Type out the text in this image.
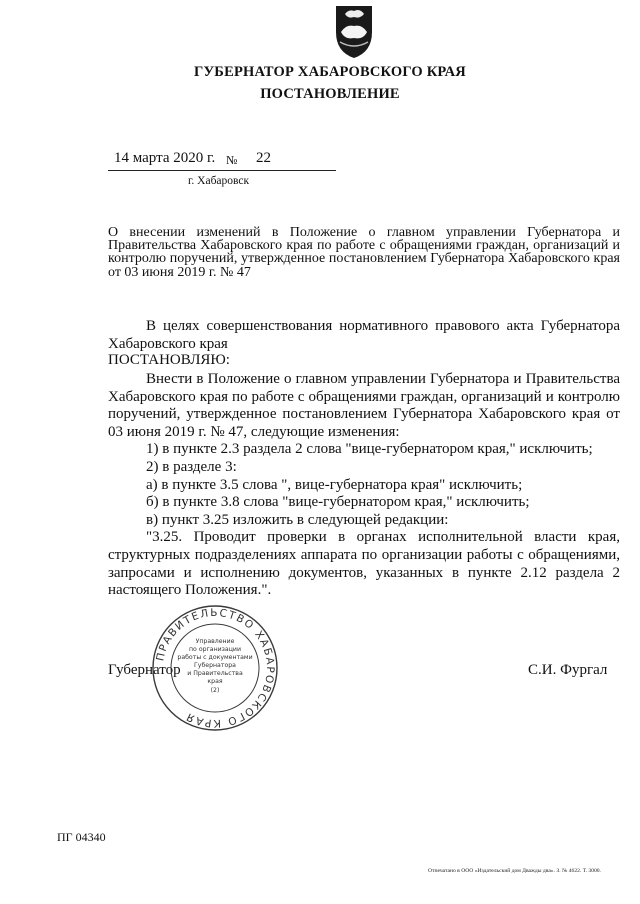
ГУБЕРНАТОР ХАБАРОВСКОГО КРАЯ
ПОСТАНОВЛЕНИЕ
14 марта 2020 г. № 22
г. Хабаровск
О внесении изменений в Положение о главном управлении Губернатора и Правительства Хабаровского края по работе с обращениями граждан, организаций и контролю поручений, утвержденное постановлением Губернатора Хабаровского края от 03 июня 2019 г. № 47

В целях совершенствования нормативного правового акта Губернатора Хабаровского края

ПОСТАНОВЛЯЮ:

Внести в Положение о главном управлении Губернатора и Правительства Хабаровского края по работе с обращениями граждан, организаций и контролю поручений, утвержденное постановлением Губернатора Хабаровского края от 03 июня 2019 г. № 47, следующие изменения:

1) в пункте 2.3 раздела 2 слова "вице-губернатором края," исключить;

2) в разделе 3:

а) в пункте 3.5 слова ", вице-губернатора края" исключить;

б) в пункте 3.8 слова "вице-губернатором края," исключить;

в) пункт 3.25 изложить в следующей редакции:

"3.25. Проводит проверки в органах исполнительной власти края, структурных подразделениях аппарата по организации работы с обращениями, запросами и исполнению документов, указанных в пункте 2.12 раздела 2 настоящего Положения.".

Губернатор	С.И. Фургал
ПРАВИТЕЛЬСТВО ХАБАРОВСКОГО КРАЯ
Управление
по организации
работы с документами
Губернатора
и Правительства
края
(2)
ПГ 04340
Отпечатано в ООО «Издательский дом Дважды два». З. № 4622. Т. 3000.
